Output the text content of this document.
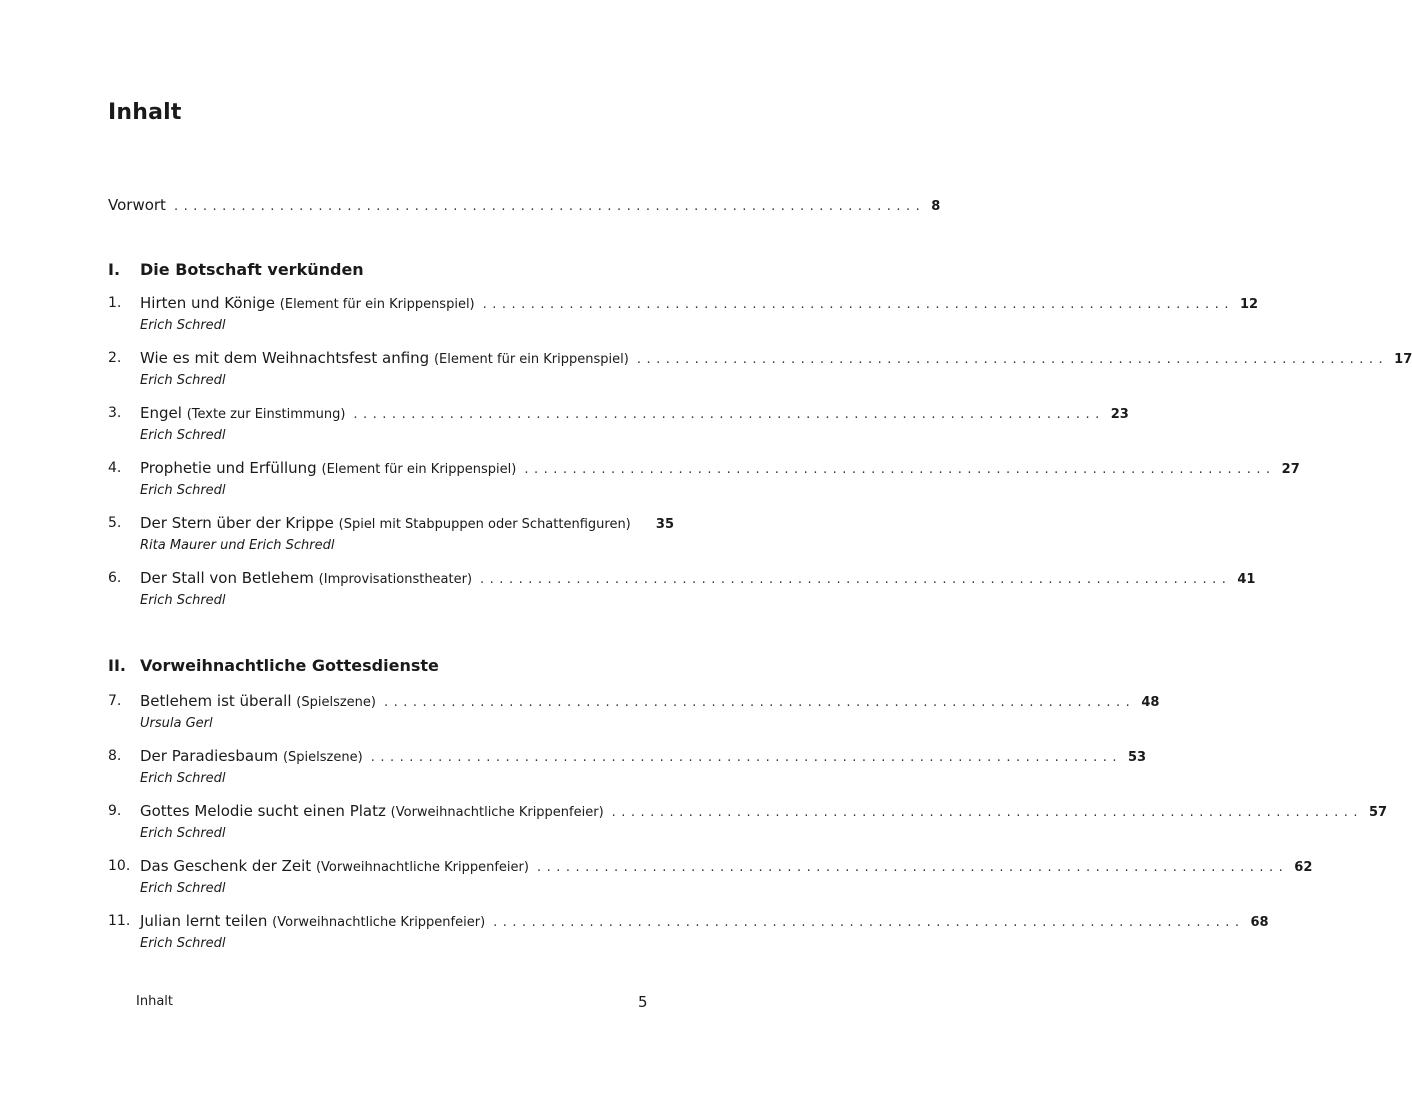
Inhalt
Vorwort .............................................................................. 8
I. Die Botschaft verkünden
II. Vorweihnachtliche Gottesdienste
1. Hirten und Könige (Element für ein Krippenspiel) .............................................................................. 12
Erich Schredl
2. Wie es mit dem Weihnachtsfest anfing (Element für ein Krippenspiel) .............................................................................. 17
Erich Schredl
3. Engel (Texte zur Einstimmung) .............................................................................. 23
Erich Schredl
4. Prophetie und Erfüllung (Element für ein Krippenspiel) .............................................................................. 27
Erich Schredl
5. Der Stern über der Krippe (Spiel mit Stabpuppen oder Schattenfiguren)	35
Rita Maurer und Erich Schredl
6. Der Stall von Betlehem (Improvisationstheater) .............................................................................. 41
Erich Schredl
7. Betlehem ist überall (Spielszene) .............................................................................. 48
Ursula Gerl
8. Der Paradiesbaum (Spielszene) .............................................................................. 53
Erich Schredl
9. Gottes Melodie sucht einen Platz (Vorweihnachtliche Krippenfeier) .............................................................................. 57
Erich Schredl
10. Das Geschenk der Zeit (Vorweihnachtliche Krippenfeier) .............................................................................. 62
Erich Schredl
11. Julian lernt teilen (Vorweihnachtliche Krippenfeier) .............................................................................. 68
Erich Schredl
Inhalt	5
